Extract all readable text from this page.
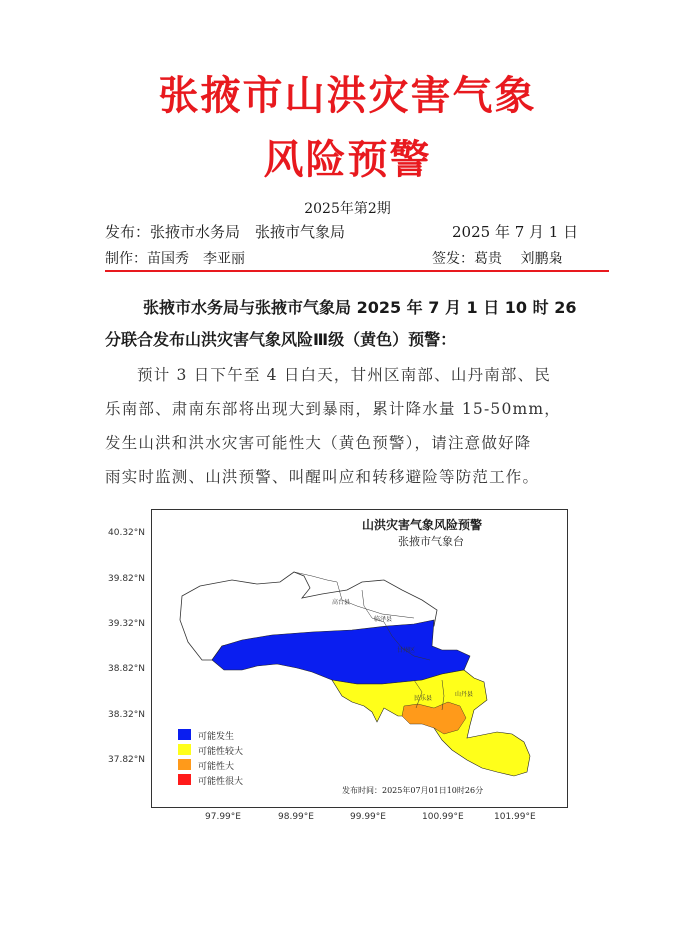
张掖市山洪灾害气象
风险预警
2025年第2期
发布：张掖市水务局　张掖市气象局	2025 年 7 月 1 日
制作：苗国秀　李亚丽	签发：葛贵　 刘鹏枭
张掖市水务局与张掖市气象局 2025 年 7 月 1 日 10 时 26
分联合发布山洪灾害气象风险Ⅲ级（黄色）预警：
预计 3 日下午至 4 日白天，甘州区南部、山丹南部、民
乐南部、肃南东部将出现大到暴雨，累计降水量 15-50mm，
发生山洪和洪水灾害可能性大（黄色预警），请注意做好降
雨实时监测、山洪预警、叫醒叫应和转移避险等防范工作。
高台县
临泽县
甘州区
民乐县
山丹县
山洪灾害气象风险预警
张掖市气象台
可能发生
可能性较大
可能性大
可能性很大
发布时间：2025年07月01日10时26分
40.32°N
39.82°N
39.32°N
38.82°N
38.32°N
37.82°N
97.99°E	98.99°E	99.99°E	100.99°E	101.99°E
